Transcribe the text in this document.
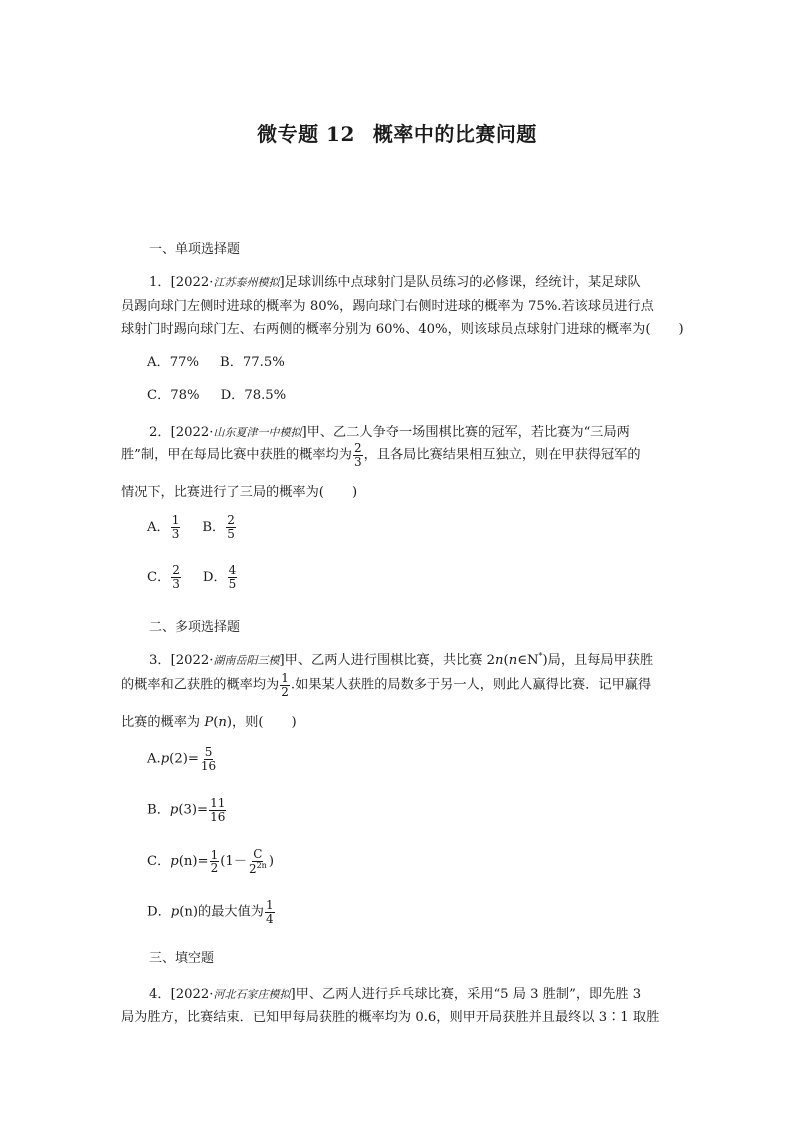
微专题 12 概率中的比赛问题
一、单项选择题
1．[2022·江苏泰州模拟]足球训练中点球射门是队员练习的必修课，经统计，某足球队
员踢向球门左侧时进球的概率为 80%，踢向球门右侧时进球的概率为 75%.若该球员进行点
球射门时踢向球门左、右两侧的概率分别为 60%、40%，则该球员点球射门进球的概率为( )
A．77% B．77.5%
C．78% D．78.5%
2．[2022·山东夏津一中模拟]甲、乙二人争夺一场围棋比赛的冠军，若比赛为“三局两
胜”制，甲在每局比赛中获胜的概率均为 $\frac{2}{3}$ ，且各局比赛结果相互独立，则在甲获得冠军的
情况下，比赛进行了三局的概率为( )
A． $\frac{1}{3}$ B． $\frac{2}{5}$
C． $\frac{2}{3}$ D． $\frac{4}{5}$
二、多项选择题
3．[2022·湖南岳阳三模]甲、乙两人进行围棋比赛，共比赛 2n(n∈N*)局，且每局甲获胜
的概率和乙获胜的概率均为 $\frac{1}{2}$ .如果某人获胜的局数多于另一人，则此人赢得比赛．记甲赢得
比赛的概率为 P(n)，则( )
$A.p(2)= \frac{5}{16}$
B．$p(3)= \frac{11}{16}$
C．$p(n)= \frac{1}{2} (1- \frac{C}{2^{2n}}$ )
D．p(n)的最大值为 $\frac{1}{4}$
三、填空题
4．[2022·河北石家庄模拟]甲、乙两人进行乒乓球比赛，采用“5 局 3 胜制”，即先胜 3
局为胜方，比赛结束．已知甲每局获胜的概率均为 0.6，则甲开局获胜并且最终以 3∶1 取胜
